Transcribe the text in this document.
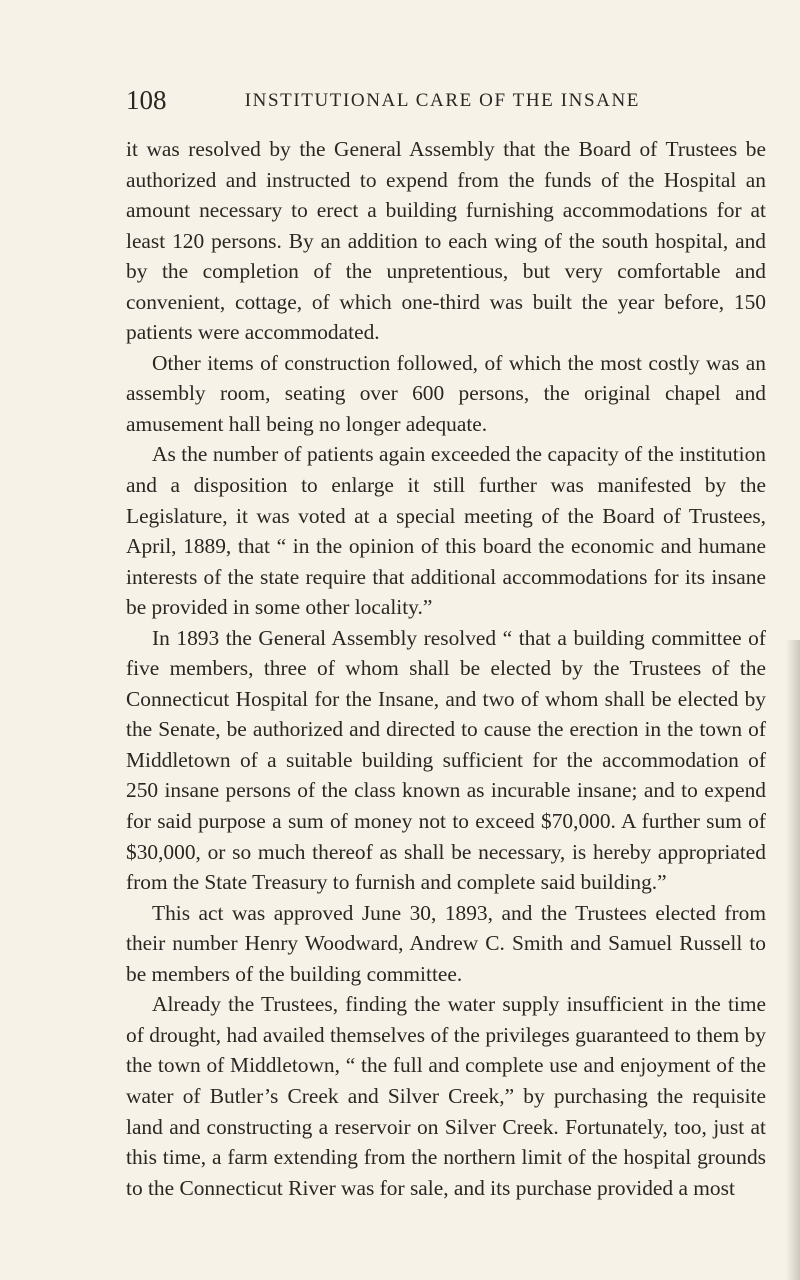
108	INSTITUTIONAL CARE OF THE INSANE

it was resolved by the General Assembly that the Board of Trustees be authorized and instructed to expend from the funds of the Hospital an amount necessary to erect a building furnishing accommodations for at least 120 persons. By an addition to each wing of the south hospital, and by the completion of the unpretentious, but very comfortable and convenient, cottage, of which one-third was built the year before, 150 patients were accommodated.

Other items of construction followed, of which the most costly was an assembly room, seating over 600 persons, the original chapel and amusement hall being no longer adequate.

As the number of patients again exceeded the capacity of the institution and a disposition to enlarge it still further was manifested by the Legislature, it was voted at a special meeting of the Board of Trustees, April, 1889, that “ in the opinion of this board the economic and humane interests of the state require that additional accommodations for its insane be provided in some other locality.”

In 1893 the General Assembly resolved “ that a building committee of five members, three of whom shall be elected by the Trustees of the Connecticut Hospital for the Insane, and two of whom shall be elected by the Senate, be authorized and directed to cause the erection in the town of Middletown of a suitable building sufficient for the accommodation of 250 insane persons of the class known as incurable insane; and to expend for said purpose a sum of money not to exceed $70,000. A further sum of $30,000, or so much thereof as shall be necessary, is hereby appropriated from the State Treasury to furnish and complete said building.”

This act was approved June 30, 1893, and the Trustees elected from their number Henry Woodward, Andrew C. Smith and Samuel Russell to be members of the building committee.

Already the Trustees, finding the water supply insufficient in the time of drought, had availed themselves of the privileges guaranteed to them by the town of Middletown, “ the full and complete use and enjoyment of the water of Butler’s Creek and Silver Creek,” by purchasing the requisite land and constructing a reservoir on Silver Creek. Fortunately, too, just at this time, a farm extending from the northern limit of the hospital grounds to the Connecticut River was for sale, and its purchase provided a most
